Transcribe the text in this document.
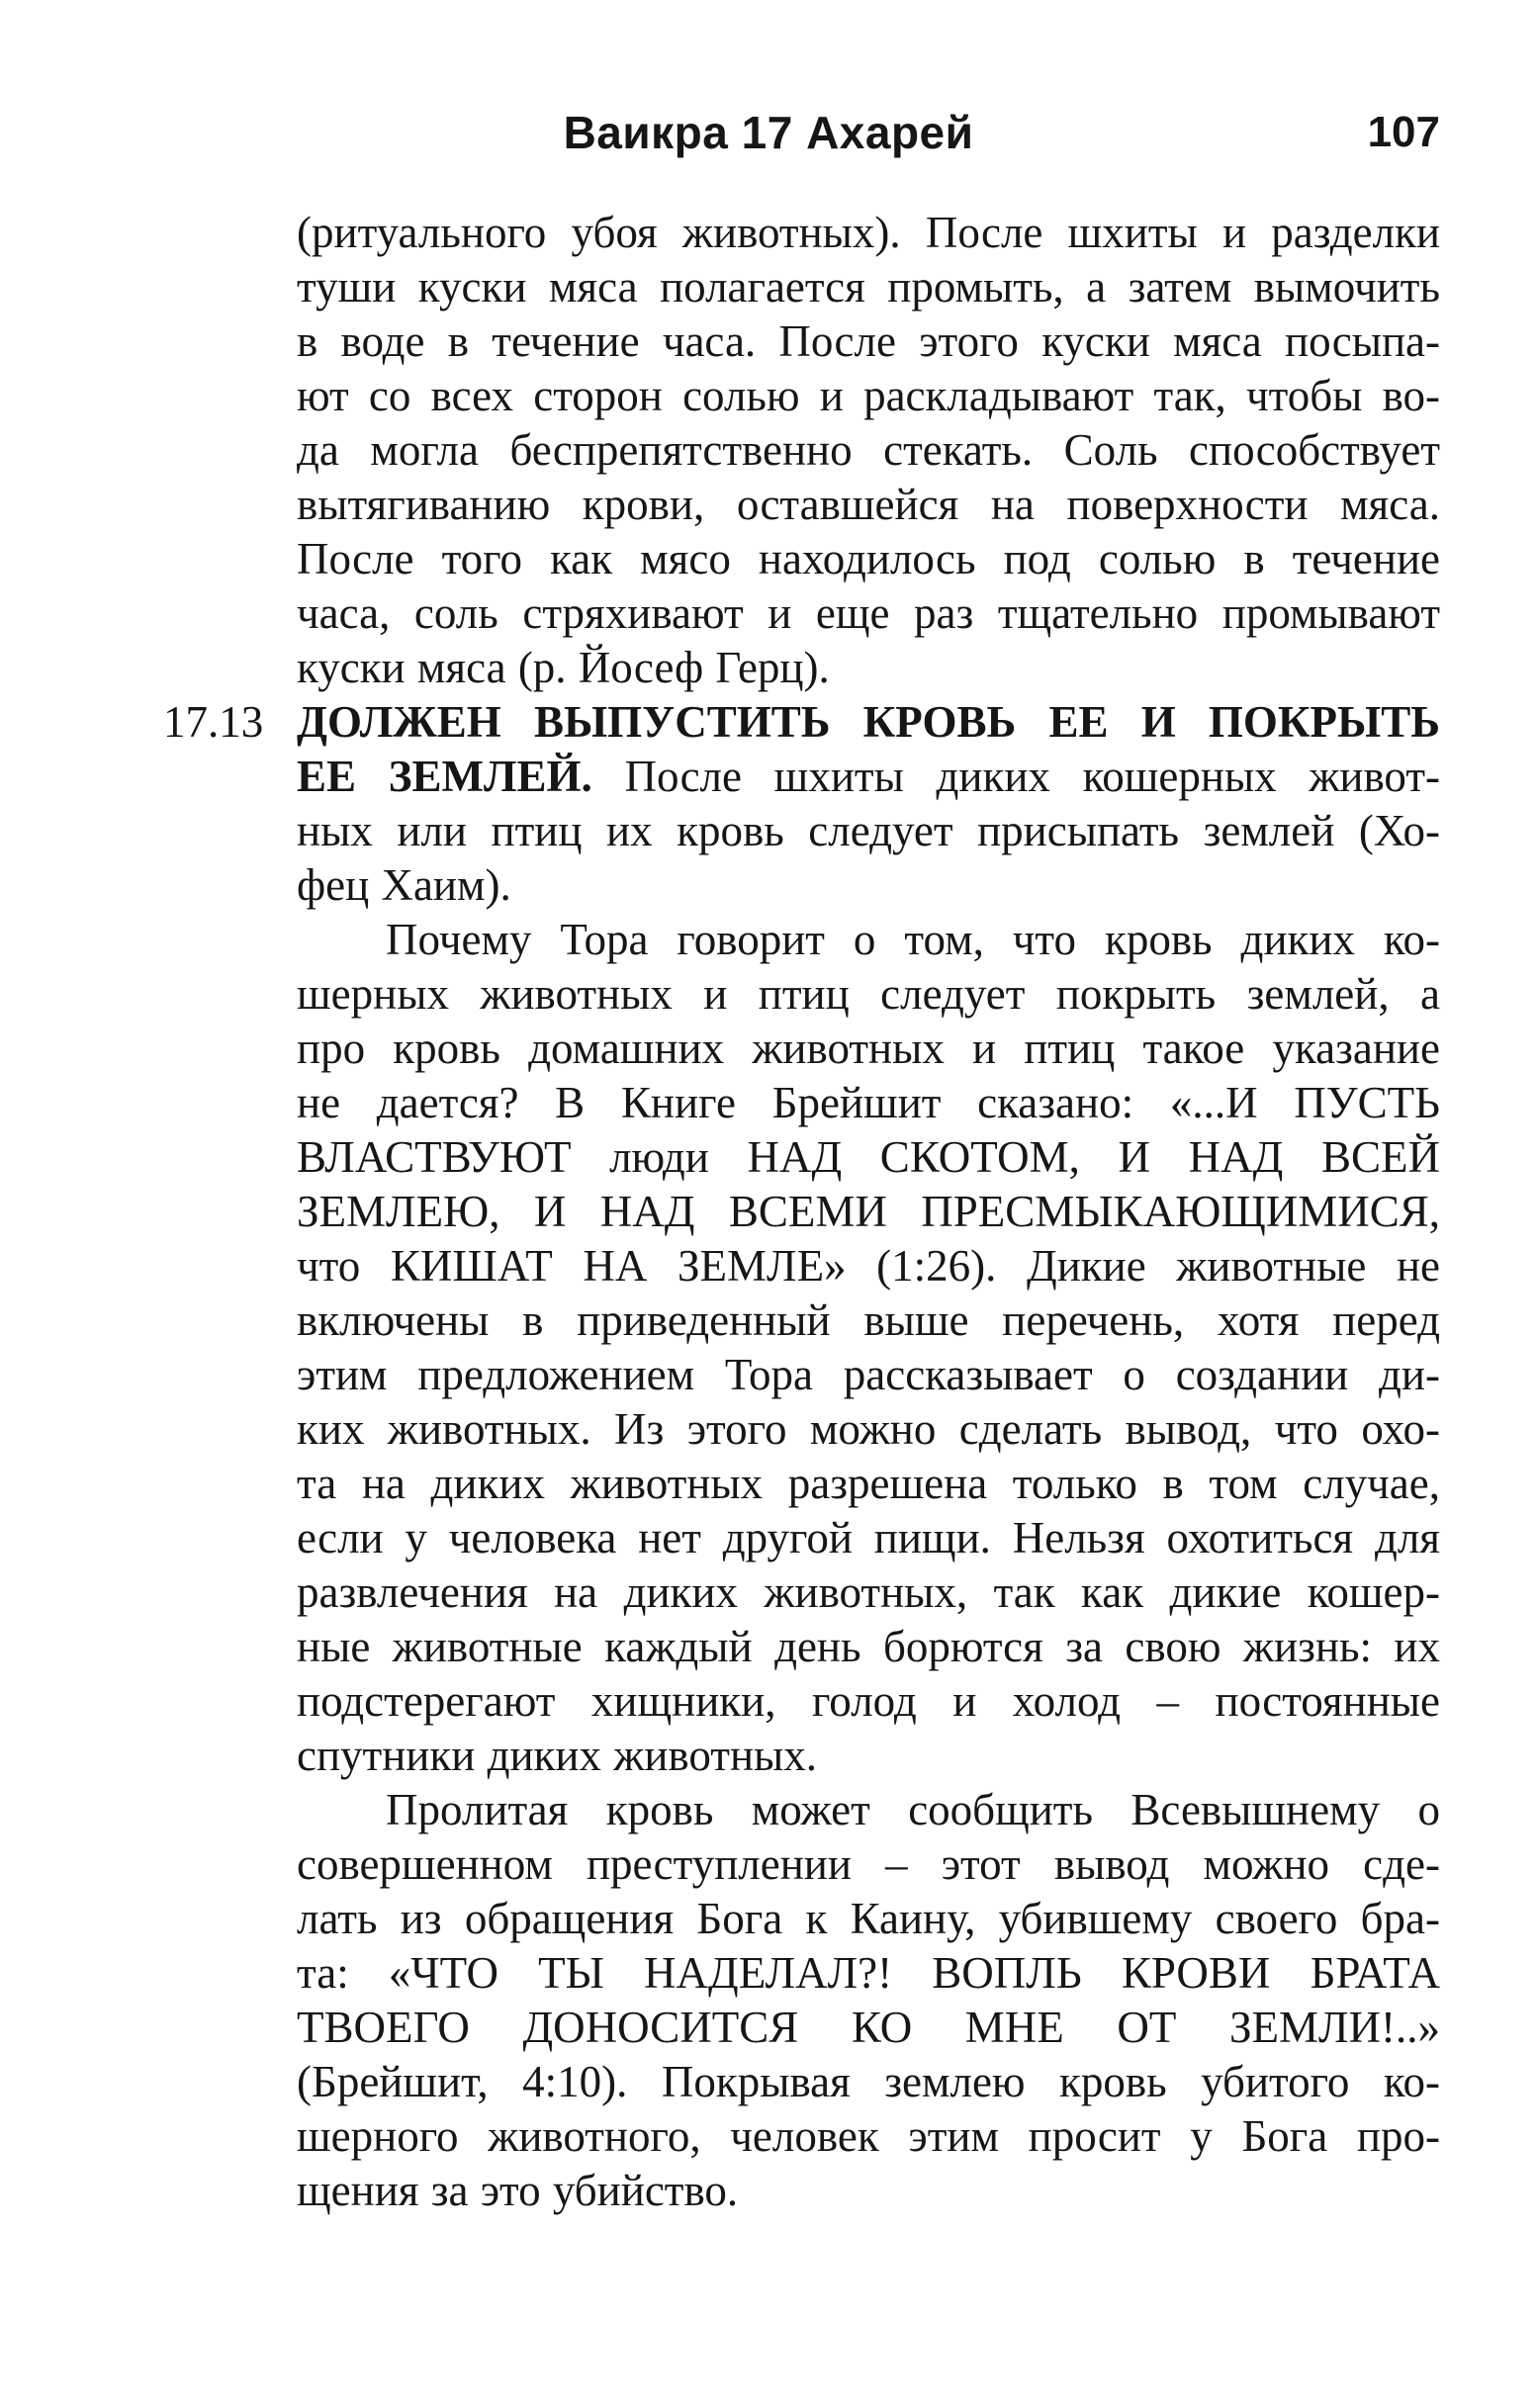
Ваикра 17 Ахарей	107
(ритуального убоя животных). После шхиты и разделки
туши куски мяса полагается промыть, а затем вымочить
в воде в течение часа. После этого куски мяса посыпа-
ют со всех сторон солью и раскладывают так, чтобы во-
да могла беспрепятственно стекать. Соль способствует
вытягиванию крови, оставшейся на поверхности мяса.
После того как мясо находилось под солью в течение
часа, соль стряхивают и еще раз тщательно промывают
куски мяса (р. Йосеф Герц).
17.13 ДОЛЖЕН ВЫПУСТИТЬ КРОВЬ ЕЕ И ПОКРЫТЬ
ЕЕ ЗЕМЛЕЙ. После шхиты диких кошерных живот-
ных или птиц их кровь следует присыпать землей (Хо-
фец Хаим).
Почему Тора говорит о том, что кровь диких ко-
шерных животных и птиц следует покрыть землей, а
про кровь домашних животных и птиц такое указание
не дается? В Книге Брейшит сказано: «...И ПУСТЬ
ВЛАСТВУЮТ люди НАД СКОТОМ, И НАД ВСЕЙ
ЗЕМЛЕЮ, И НАД ВСЕМИ ПРЕСМЫКАЮЩИМИСЯ,
что КИШАТ НА ЗЕМЛЕ» (1:26). Дикие животные не
включены в приведенный выше перечень, хотя перед
этим предложением Тора рассказывает о создании ди-
ких животных. Из этого можно сделать вывод, что охо-
та на диких животных разрешена только в том случае,
если у человека нет другой пищи. Нельзя охотиться для
развлечения на диких животных, так как дикие кошер-
ные животные каждый день борются за свою жизнь: их
подстерегают хищники, голод и холод – постоянные
спутники диких животных.
Пролитая кровь может сообщить Всевышнему о
совершенном преступлении – этот вывод можно сде-
лать из обращения Бога к Каину, убившему своего бра-
та: «ЧТО ТЫ НАДЕЛАЛ?! ВОПЛЬ КРОВИ БРАТА
ТВОЕГО ДОНОСИТСЯ КО МНЕ ОТ ЗЕМЛИ!..»
(Брейшит, 4:10). Покрывая землею кровь убитого ко-
шерного животного, человек этим просит у Бога про-
щения за это убийство.
